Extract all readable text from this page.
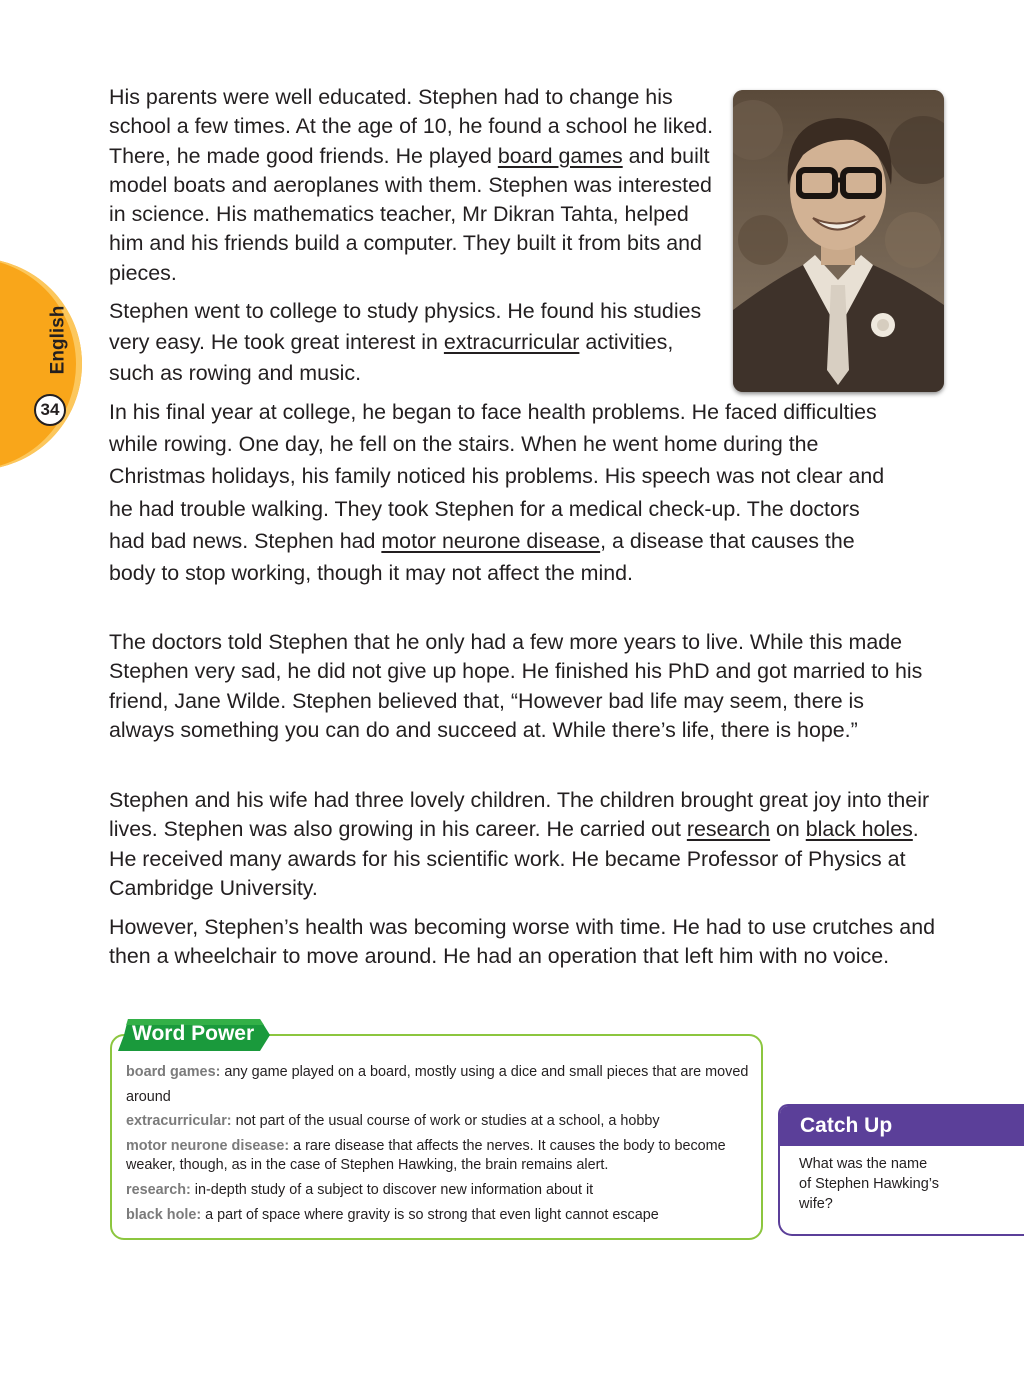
English
34

His parents were well educated. Stephen had to change his school a few times. At the age of 10, he found a school he liked. There, he made good friends. He played board games and built model boats and aeroplanes with them. Stephen was interested in science. His mathematics teacher, Mr Dikran Tahta, helped him and his friends build a computer. They built it from bits and pieces.

Stephen went to college to study physics. He found his studies very easy. He took great interest in extracurricular activities, such as rowing and music.

In his final year at college, he began to face health problems. He faced difficulties while rowing. One day, he fell on the stairs. When he went home during the Christmas holidays, his family noticed his problems. His speech was not clear and he had trouble walking. They took Stephen for a medical check-up. The doctors had bad news. Stephen had motor neurone disease, a disease that causes the body to stop working, though it may not affect the mind.

The doctors told Stephen that he only had a few more years to live. While this made Stephen very sad, he did not give up hope. He finished his PhD and got married to his friend, Jane Wilde. Stephen believed that, “However bad life may seem, there is always something you can do and succeed at. While there’s life, there is hope.”

Stephen and his wife had three lovely children. The children brought great joy into their lives. Stephen was also growing in his career. He carried out research on black holes. He received many awards for his scientific work. He became Professor of Physics at Cambridge University.

However, Stephen’s health was becoming worse with time. He had to use crutches and then a wheelchair to move around. He had an operation that left him with no voice.

Word Power

board games: any game played on a board, mostly using a dice and small pieces that are moved around

extracurricular: not part of the usual course of work or studies at a school, a hobby

motor neurone disease: a rare disease that affects the nerves. It causes the body to become weaker, though, as in the case of Stephen Hawking, the brain remains alert.

research: in-depth study of a subject to discover new information about it

black hole: a part of space where gravity is so strong that even light cannot escape

Catch Up
What was the name of Stephen Hawking’s wife?
